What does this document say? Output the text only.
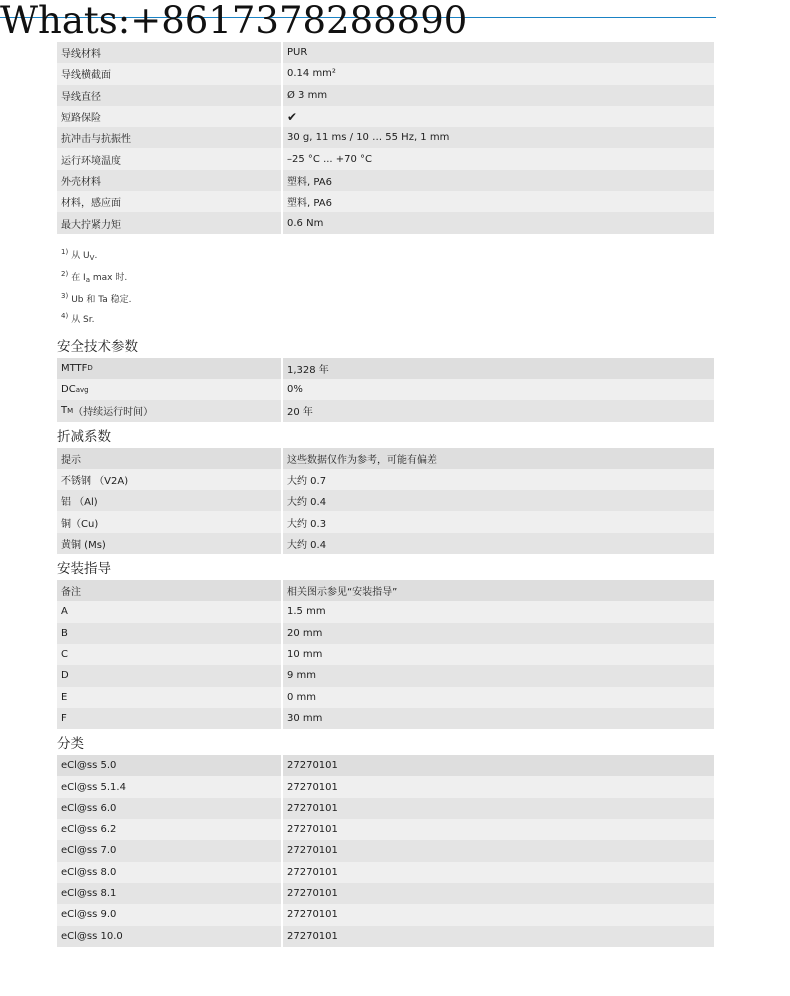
Whats:+8617378288890
导线材料	PUR
导线横截面	0.14 mm²
导线直径	Ø 3 mm
短路保险	✔
抗冲击与抗振性	30 g, 11 ms / 10 … 55 Hz, 1 mm
运行环境温度	–25 °C ... +70 °C
外壳材料	塑料, PA6
材料，感应面	塑料, PA6
最大拧紧力矩	0.6 Nm
$^{1)}$ 从 $U_V$.
$^{2)}$ 在 $I_a$ max 时.
$^{3)}$ Ub 和 Ta 稳定.
$^{4)}$ 从 Sr.
安全技术参数
MTTF D	1,328 年
DC avg	0%
T M （持续运行时间）	20 年
折减系数
提示	这些数据仅作为参考，可能有偏差
不锈钢 （V2A)	大约 0.7
铝 （Al)	大约 0.4
铜（Cu)	大约 0.3
黄铜 (Ms)	大约 0.4
安装指导
备注	相关图示参见“安装指导”
A	1.5 mm
B	20 mm
C	10 mm
D	9 mm
E	0 mm
F	30 mm
分类
eCl@ss 5.0	27270101
eCl@ss 5.1.4	27270101
eCl@ss 6.0	27270101
eCl@ss 6.2	27270101
eCl@ss 7.0	27270101
eCl@ss 8.0	27270101
eCl@ss 8.1	27270101
eCl@ss 9.0	27270101
eCl@ss 10.0	27270101
